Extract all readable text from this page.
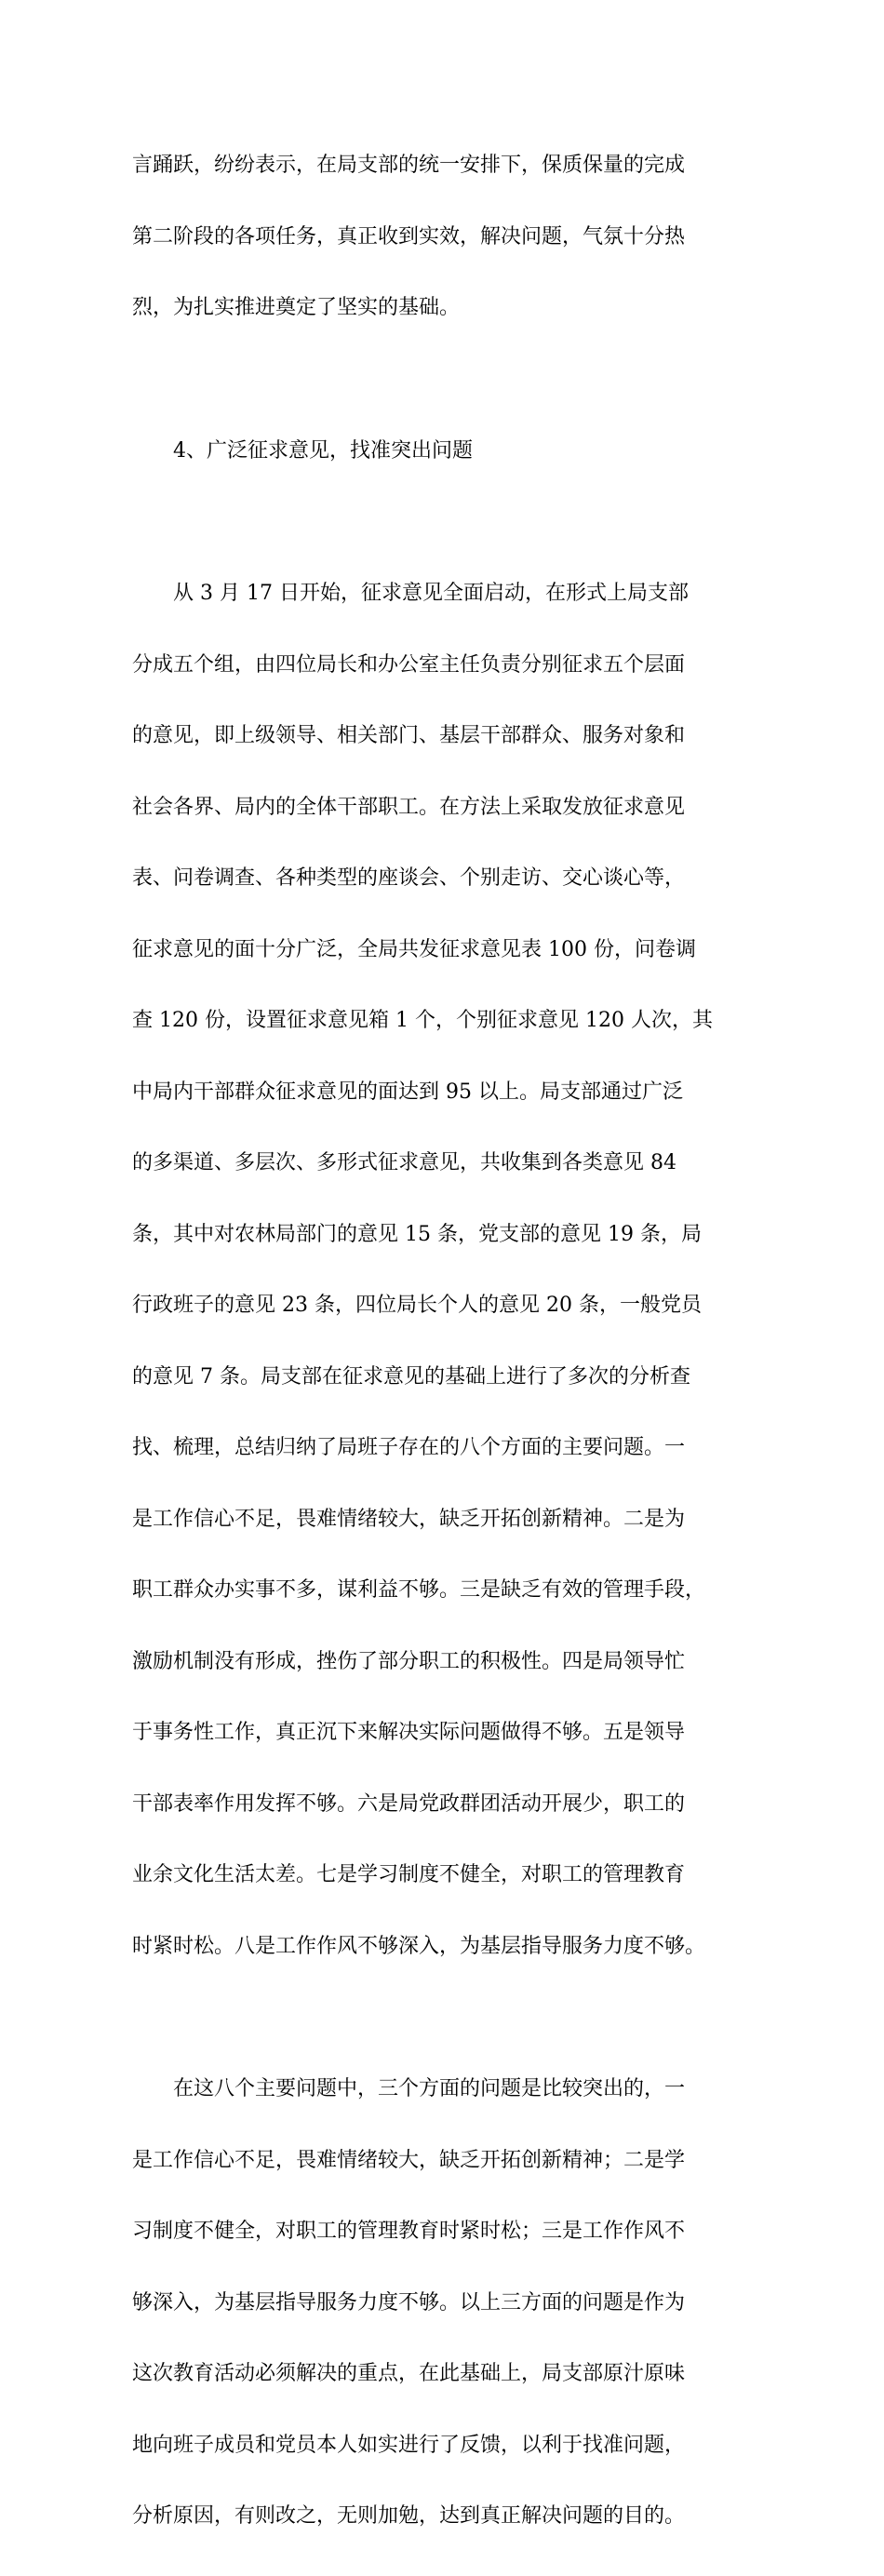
言踊跃，纷纷表示，在局支部的统一安排下，保质保量的完成

第二阶段的各项任务，真正收到实效，解决问题，气氛十分热

烈，为扎实推进奠定了坚实的基础。

4、广泛征求意见，找准突出问题

从 3 月 17 日开始，征求意见全面启动，在形式上局支部

分成五个组，由四位局长和办公室主任负责分别征求五个层面

的意见，即上级领导、相关部门、基层干部群众、服务对象和

社会各界、局内的全体干部职工。在方法上采取发放征求意见

表、问卷调查、各种类型的座谈会、个别走访、交心谈心等，

征求意见的面十分广泛，全局共发征求意见表 100 份，问卷调

查 120 份，设置征求意见箱 1 个，个别征求意见 120 人次，其

中局内干部群众征求意见的面达到 95 以上。局支部通过广泛

的多渠道、多层次、多形式征求意见，共收集到各类意见 84

条，其中对农林局部门的意见 15 条，党支部的意见 19 条，局

行政班子的意见 23 条，四位局长个人的意见 20 条，一般党员

的意见 7 条。局支部在征求意见的基础上进行了多次的分析查

找、梳理，总结归纳了局班子存在的八个方面的主要问题。一

是工作信心不足，畏难情绪较大，缺乏开拓创新精神。二是为

职工群众办实事不多，谋利益不够。三是缺乏有效的管理手段，

激励机制没有形成，挫伤了部分职工的积极性。四是局领导忙

于事务性工作，真正沉下来解决实际问题做得不够。五是领导

干部表率作用发挥不够。六是局党政群团活动开展少，职工的

业余文化生活太差。七是学习制度不健全，对职工的管理教育

时紧时松。八是工作作风不够深入，为基层指导服务力度不够。

在这八个主要问题中，三个方面的问题是比较突出的，一

是工作信心不足，畏难情绪较大，缺乏开拓创新精神；二是学

习制度不健全，对职工的管理教育时紧时松；三是工作作风不

够深入，为基层指导服务力度不够。以上三方面的问题是作为

这次教育活动必须解决的重点，在此基础上，局支部原汁原味

地向班子成员和党员本人如实进行了反馈，以利于找准问题，

分析原因，有则改之，无则加勉，达到真正解决问题的目的。
